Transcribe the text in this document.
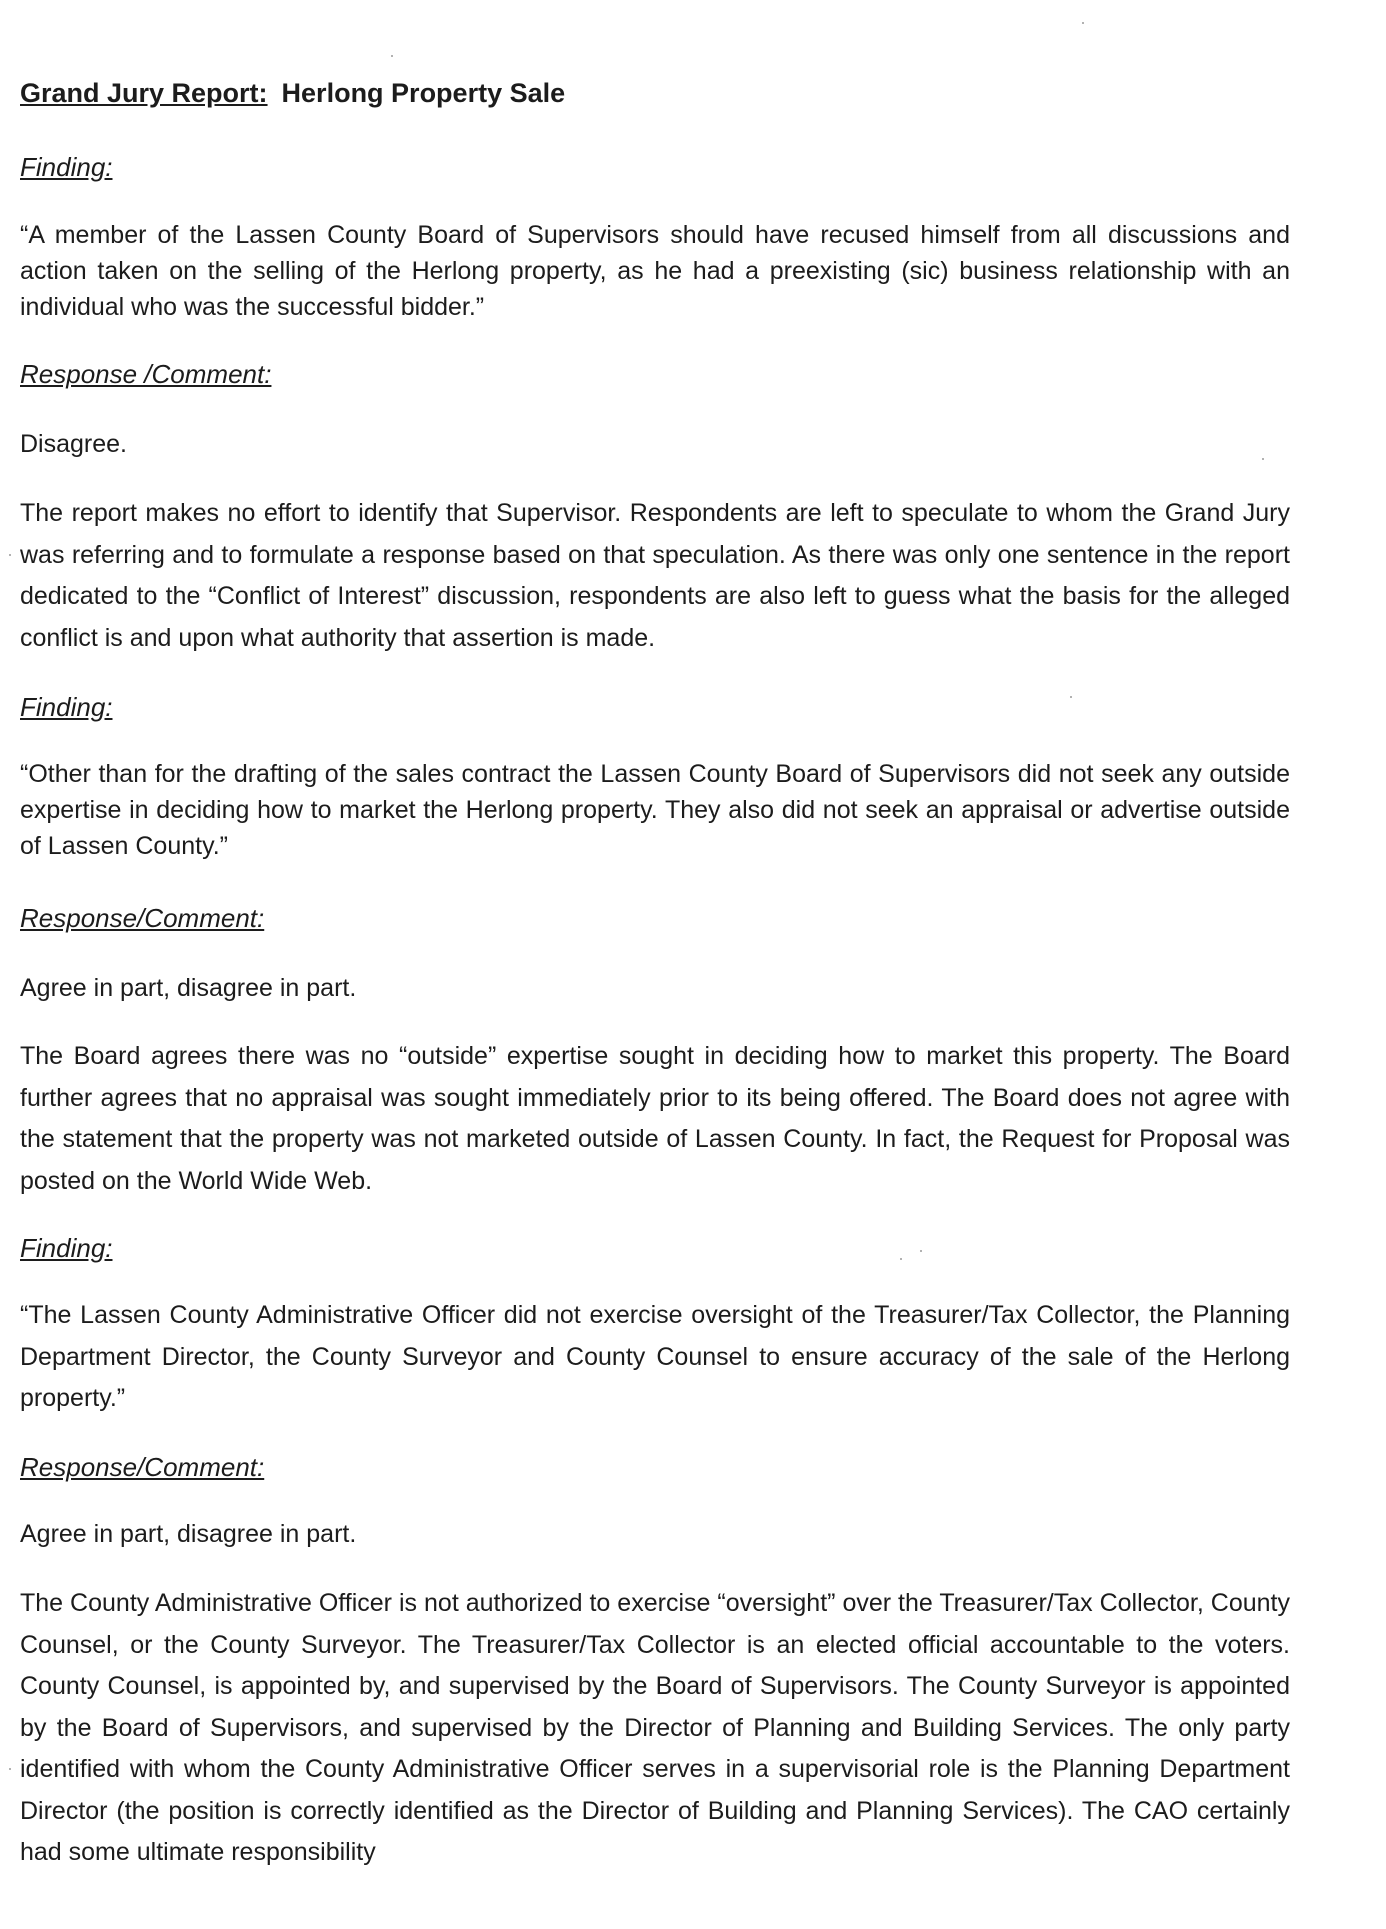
Grand Jury Report: Herlong Property Sale
Finding:

“A member of the Lassen County Board of Supervisors should have recused himself from all discussions and action taken on the selling of the Herlong property, as he had a preexisting (sic) business relationship with an individual who was the successful bidder.”

Response /Comment:
Disagree.

The report makes no effort to identify that Supervisor. Respondents are left to speculate to whom the Grand Jury was referring and to formulate a response based on that speculation. As there was only one sentence in the report dedicated to the “Conflict of Interest” discussion, respondents are also left to guess what the basis for the alleged conflict is and upon what authority that assertion is made.

Finding:

“Other than for the drafting of the sales contract the Lassen County Board of Supervisors did not seek any outside expertise in deciding how to market the Herlong property. They also did not seek an appraisal or advertise outside of Lassen County.”

Response/Comment:
Agree in part, disagree in part.

The Board agrees there was no “outside” expertise sought in deciding how to market this property. The Board further agrees that no appraisal was sought immediately prior to its being offered. The Board does not agree with the statement that the property was not marketed outside of Lassen County. In fact, the Request for Proposal was posted on the World Wide Web.

Finding:

“The Lassen County Administrative Officer did not exercise oversight of the Treasurer/Tax Collector, the Planning Department Director, the County Surveyor and County Counsel to ensure accuracy of the sale of the Herlong property.”

Response/Comment:
Agree in part, disagree in part.

The County Administrative Officer is not authorized to exercise “oversight” over the Treasurer/Tax Collector, County Counsel, or the County Surveyor. The Treasurer/Tax Collector is an elected official accountable to the voters. County Counsel, is appointed by, and supervised by the Board of Supervisors. The County Surveyor is appointed by the Board of Supervisors, and supervised by the Director of Planning and Building Services. The only party identified with whom the County Administrative Officer serves in a supervisorial role is the Planning Department Director (the position is correctly identified as the Director of Building and Planning Services). The CAO certainly had some ultimate responsibility
